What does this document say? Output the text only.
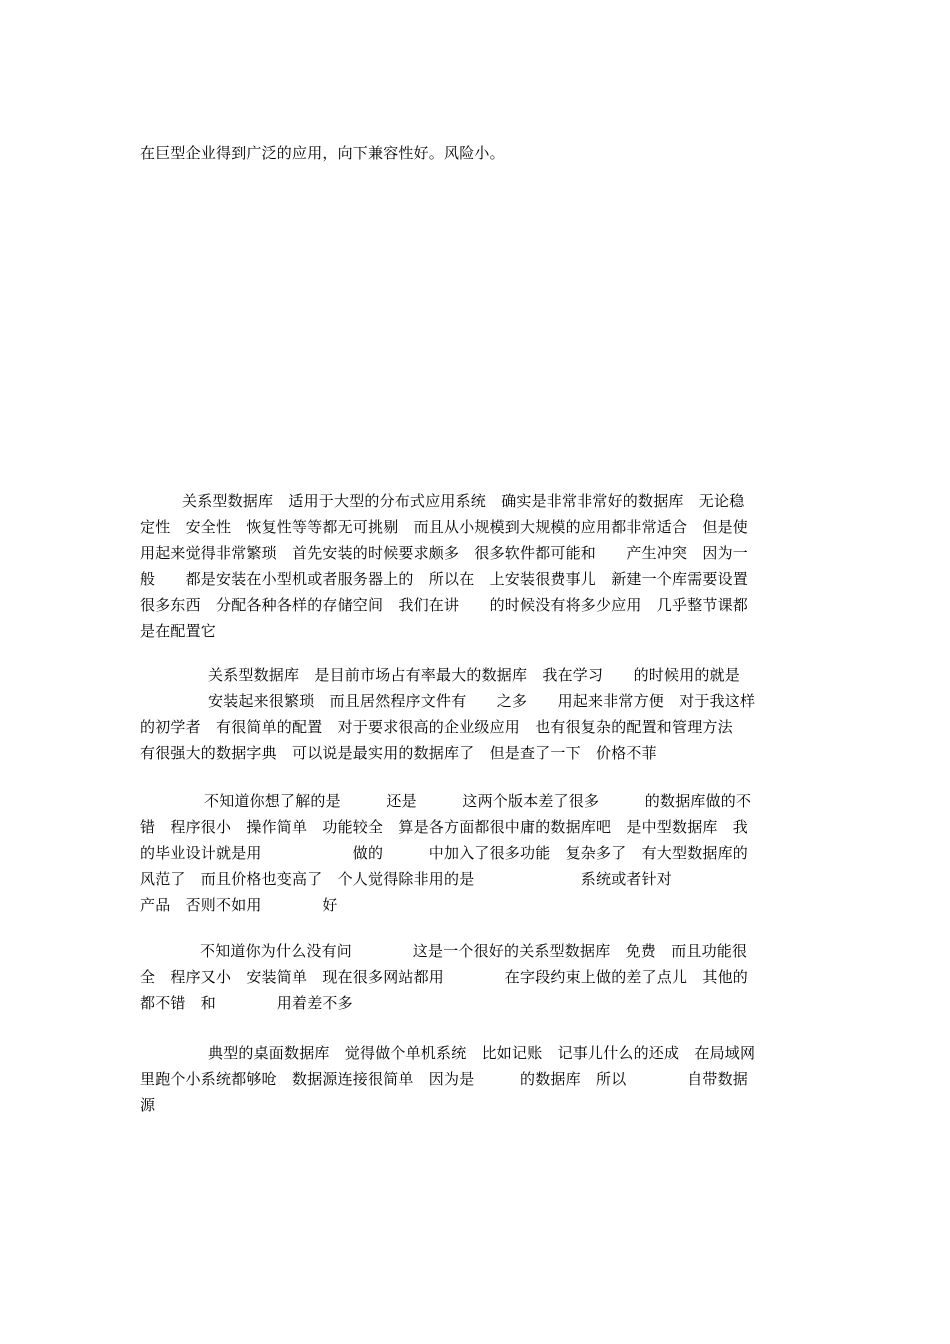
在巨型企业得到广泛的应用，向下兼容性好。风险小。

关系型数据库　适用于大型的分布式应用系统　确实是非常非常好的数据库　无论稳

定性　安全性　恢复性等等都无可挑剔　而且从小规模到大规模的应用都非常适合　但是使

用起来觉得非常繁琐　首先安装的时候要求颇多　很多软件都可能和　　产生冲突　因为一

般　　都是安装在小型机或者服务器上的　所以在　上安装很费事儿　新建一个库需要设置

很多东西　分配各种各样的存储空间　我们在讲　　的时候没有将多少应用　几乎整节课都

是在配置它

关系型数据库　是目前市场占有率最大的数据库　我在学习　　的时候用的就是

安装起来很繁琐　而且居然程序文件有　　之多　　用起来非常方便　对于我这样

的初学者　有很简单的配置　对于要求很高的企业级应用　也有很复杂的配置和管理方法

有很强大的数据字典　可以说是最实用的数据库了　但是查了一下　价格不菲

不知道你想了解的是　　　还是　　　这两个版本差了很多　　　的数据库做的不

错　程序很小　操作简单　功能较全　算是各方面都很中庸的数据库吧　是中型数据库　我

的毕业设计就是用　　　　　　做的　　　中加入了很多功能　复杂多了　有大型数据库的

风范了　而且价格也变高了　个人觉得除非用的是　　　　　　　系统或者针对

产品　否则不如用　　　　好

不知道你为什么没有问　　　　这是一个很好的关系型数据库　免费　而且功能很

全　程序又小　安装简单　现在很多网站都用　　　　在字段约束上做的差了点儿　其他的

都不错　和　　　　用着差不多

典型的桌面数据库　觉得做个单机系统　比如记账　记事儿什么的还成　在局域网

里跑个小系统都够呛　数据源连接很简单　因为是　　　的数据库　所以　　　　自带数据

源
